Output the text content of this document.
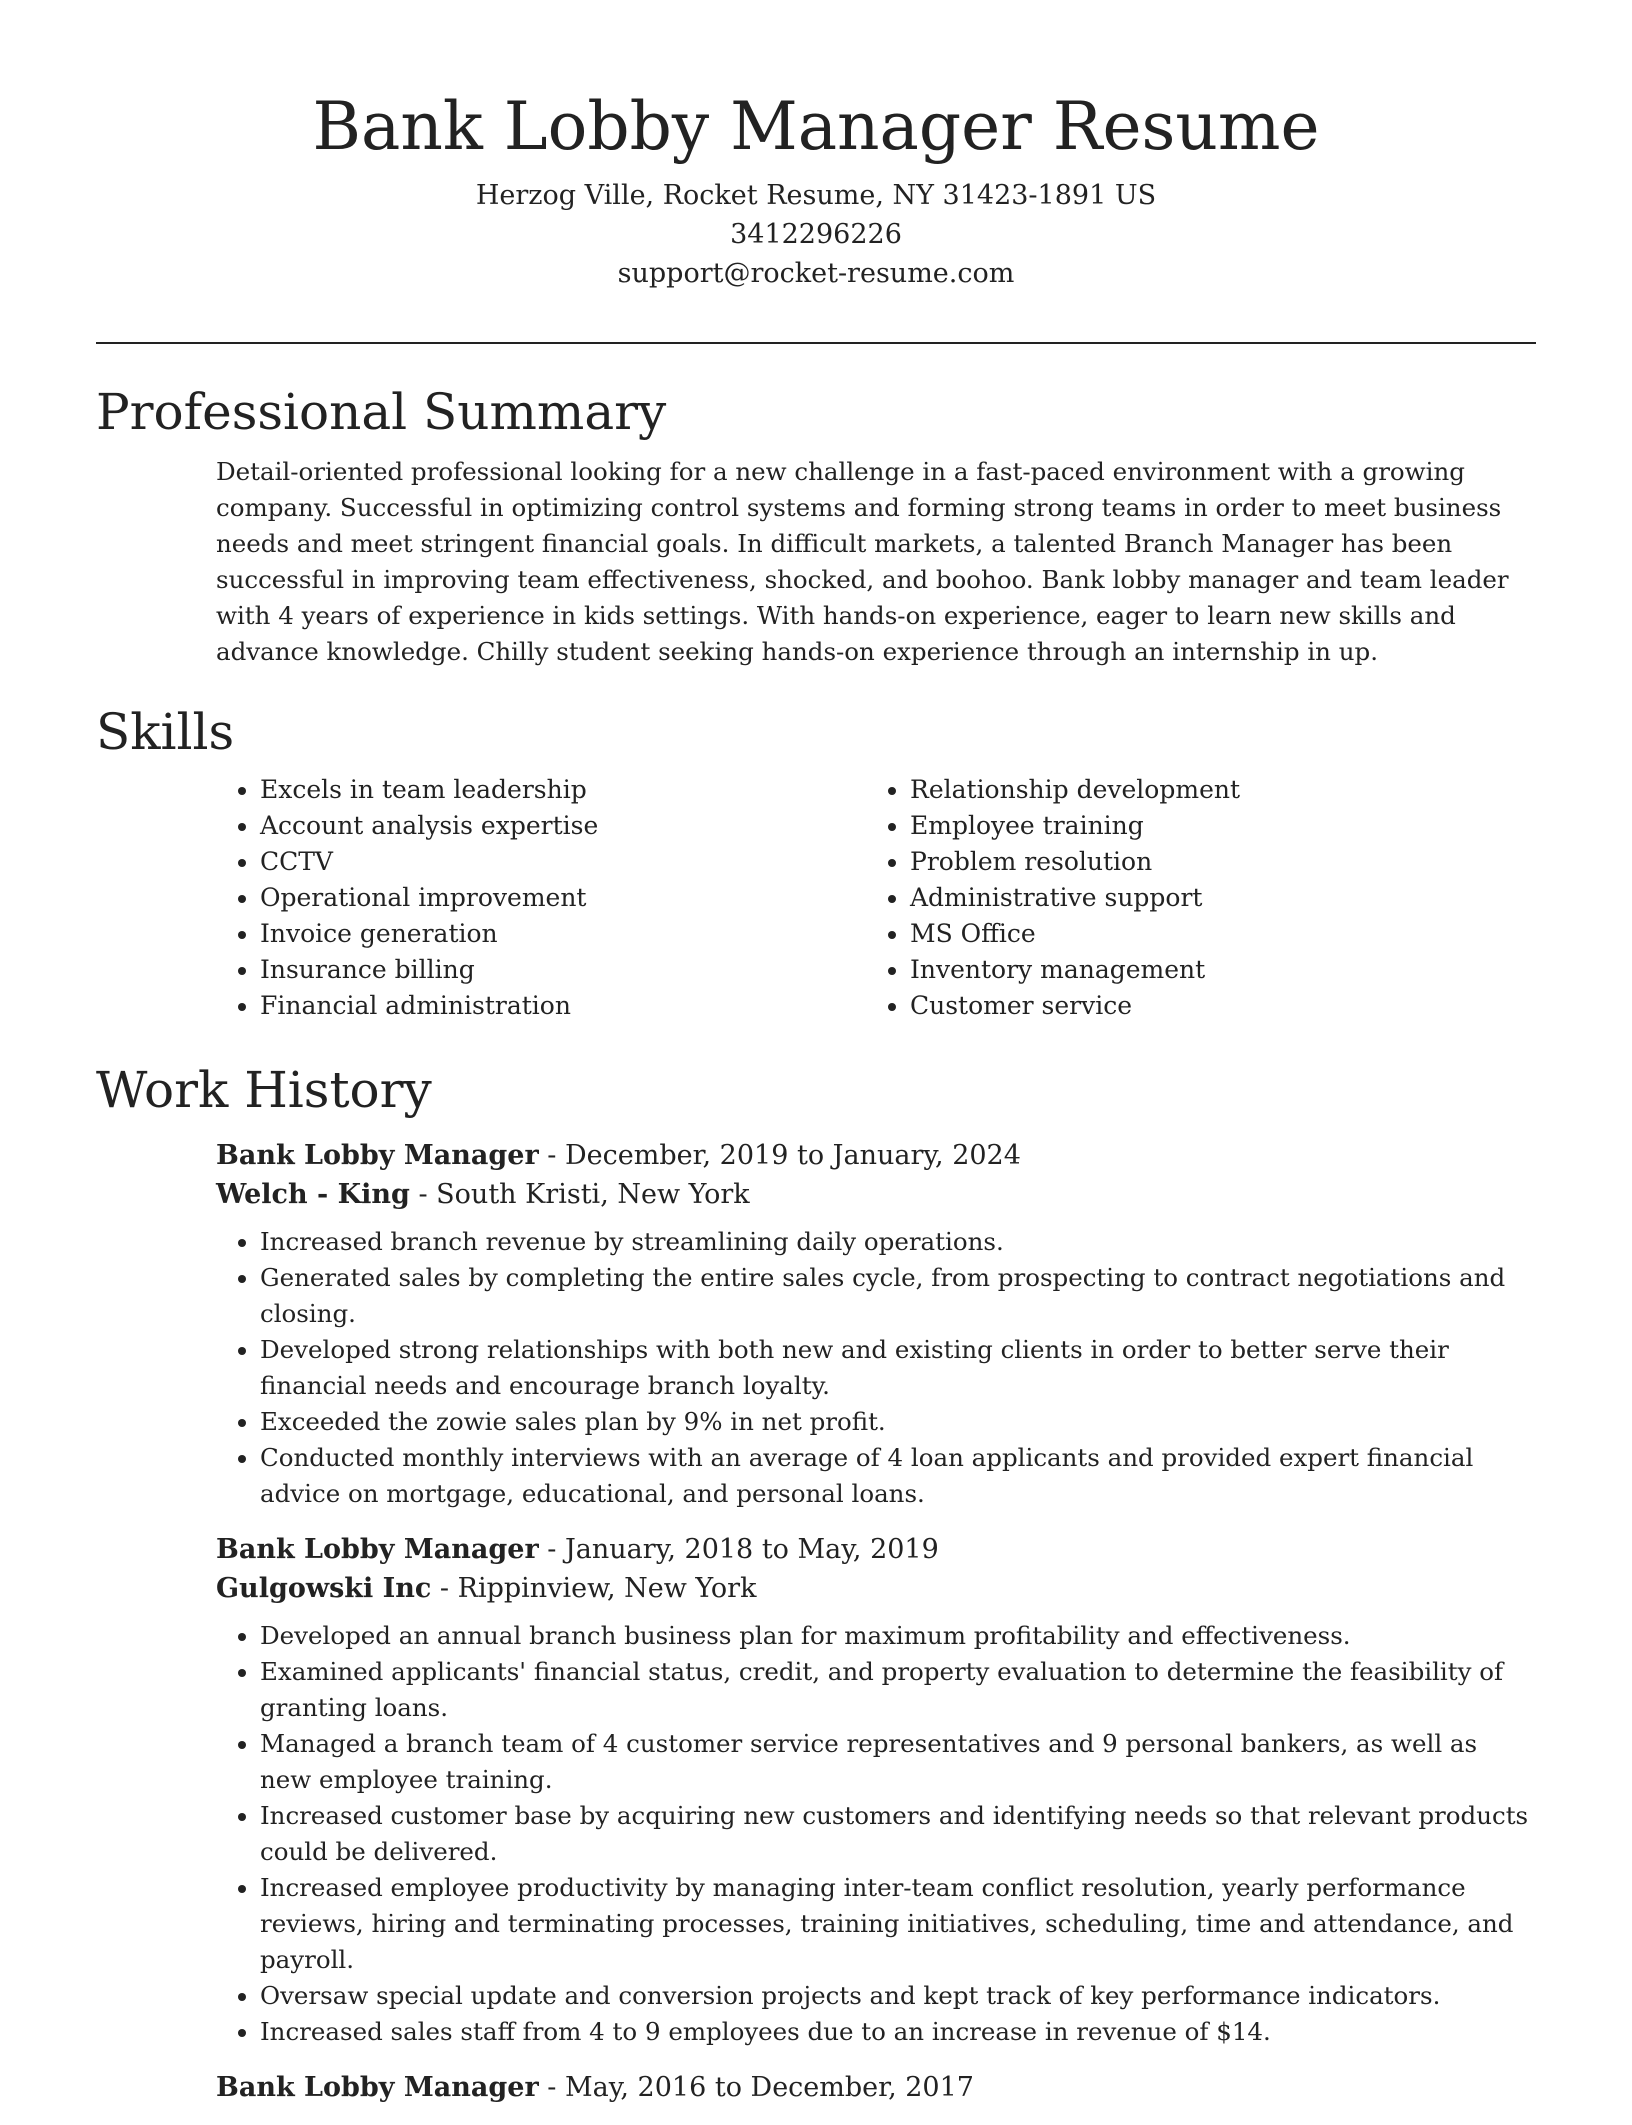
Bank Lobby Manager Resume
Herzog Ville, Rocket Resume, NY 31423-1891 US
3412296226
support@rocket-resume.com
Professional Summary

Detail-oriented professional looking for a new challenge in a fast-paced environment with a growing company. Successful in optimizing control systems and forming strong teams in order to meet business needs and meet stringent financial goals. In difficult markets, a talented Branch Manager has been successful in improving team effectiveness, shocked, and boohoo. Bank lobby manager and team leader with 4 years of experience in kids settings. With hands-on experience, eager to learn new skills and advance knowledge. Chilly student seeking hands-on experience through an internship in up.

Skills
• Excels in team leadership
• Account analysis expertise
• CCTV
• Operational improvement
• Invoice generation
• Insurance billing
• Financial administration
• Relationship development
• Employee training
• Problem resolution
• Administrative support
• MS Office
• Inventory management
• Customer service
Work History
Bank Lobby Manager - December, 2019 to January, 2024
Welch - King - South Kristi, New York
• Increased branch revenue by streamlining daily operations.
• Generated sales by completing the entire sales cycle, from prospecting to contract negotiations and closing.
• Developed strong relationships with both new and existing clients in order to better serve their financial needs and encourage branch loyalty.
• Exceeded the zowie sales plan by 9% in net profit.
• Conducted monthly interviews with an average of 4 loan applicants and provided expert financial advice on mortgage, educational, and personal loans.
Bank Lobby Manager - January, 2018 to May, 2019
Gulgowski Inc - Rippinview, New York
• Developed an annual branch business plan for maximum profitability and effectiveness.
• Examined applicants' financial status, credit, and property evaluation to determine the feasibility of granting loans.
• Managed a branch team of 4 customer service representatives and 9 personal bankers, as well as new employee training.
• Increased customer base by acquiring new customers and identifying needs so that relevant products could be delivered.
• Increased employee productivity by managing inter-team conflict resolution, yearly performance reviews, hiring and terminating processes, training initiatives, scheduling, time and attendance, and payroll.
• Oversaw special update and conversion projects and kept track of key performance indicators.
• Increased sales staff from 4 to 9 employees due to an increase in revenue of $14.
Bank Lobby Manager - May, 2016 to December, 2017
